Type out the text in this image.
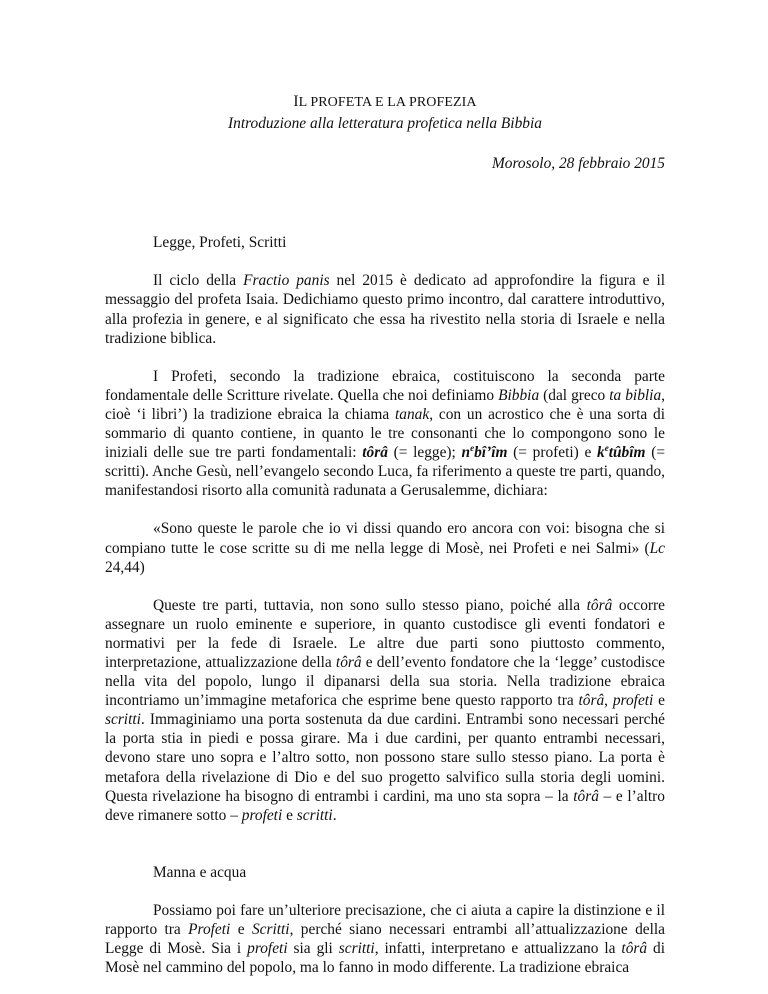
IL PROFETA E LA PROFEZIA
Introduzione alla letteratura profetica nella Bibbia
Morosolo, 28 febbraio 2015
Legge, Profeti, Scritti

Il ciclo della Fractio panis nel 2015 è dedicato ad approfondire la figura e il messaggio del profeta Isaia. Dedichiamo questo primo incontro, dal carattere introduttivo, alla profezia in genere, e al significato che essa ha rivestito nella storia di Israele e nella tradizione biblica.

I Profeti, secondo la tradizione ebraica, costituiscono la seconda parte fondamentale delle Scritture rivelate. Quella che noi definiamo Bibbia (dal greco ta biblia, cioè ‘i libri’) la tradizione ebraica la chiama tanak, con un acrostico che è una sorta di sommario di quanto contiene, in quanto le tre consonanti che lo compongono sono le iniziali delle sue tre parti fondamentali: tôrâ (= legge); $n^ebî’îm$ (= profeti) e $k^etûbîm$ (= scritti). Anche Gesù, nell’evangelo secondo Luca, fa riferimento a queste tre parti, quando, manifestandosi risorto alla comunità radunata a Gerusalemme, dichiara:

«Sono queste le parole che io vi dissi quando ero ancora con voi: bisogna che si compiano tutte le cose scritte su di me nella legge di Mosè, nei Profeti e nei Salmi» (Lc 24,44)

Queste tre parti, tuttavia, non sono sullo stesso piano, poiché alla tôrâ occorre assegnare un ruolo eminente e superiore, in quanto custodisce gli eventi fondatori e normativi per la fede di Israele. Le altre due parti sono piuttosto commento, interpretazione, attualizzazione della tôrâ e dell’evento fondatore che la ‘legge’ custodisce nella vita del popolo, lungo il dipanarsi della sua storia. Nella tradizione ebraica incontriamo un’immagine metaforica che esprime bene questo rapporto tra tôrâ, profeti e scritti. Immaginiamo una porta sostenuta da due cardini. Entrambi sono necessari perché la porta stia in piedi e possa girare. Ma i due cardini, per quanto entrambi necessari, devono stare uno sopra e l’altro sotto, non possono stare sullo stesso piano. La porta è metafora della rivelazione di Dio e del suo progetto salvifico sulla storia degli uomini. Questa rivelazione ha bisogno di entrambi i cardini, ma uno sta sopra – la tôrâ – e l’altro deve rimanere sotto – profeti e scritti.

Manna e acqua

Possiamo poi fare un’ulteriore precisazione, che ci aiuta a capire la distinzione e il rapporto tra Profeti e Scritti, perché siano necessari entrambi all’attualizzazione della Legge di Mosè. Sia i profeti sia gli scritti, infatti, interpretano e attualizzano la tôrâ di Mosè nel cammino del popolo, ma lo fanno in modo differente. La tradizione ebraica
